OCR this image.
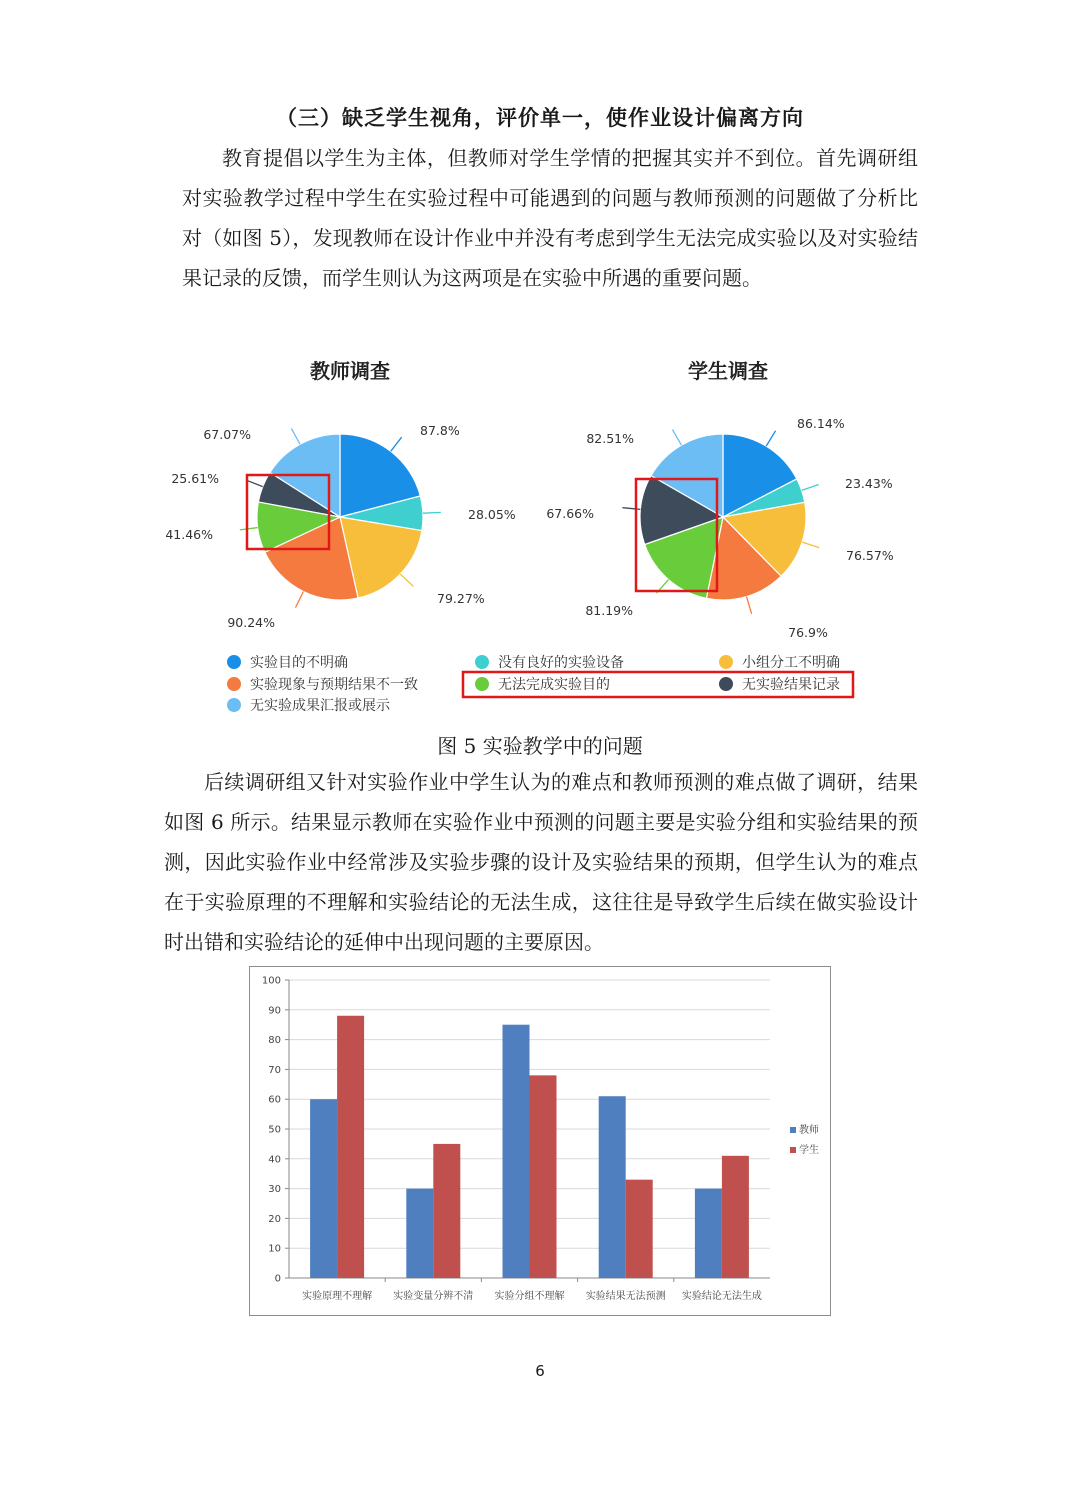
（三）缺乏学生视角，评价单一，使作业设计偏离方向

教育提倡以学生为主体，但教师对学生学情的把握其实并不到位。首先调研组对实验教学过程中学生在实验过程中可能遇到的问题与教师预测的问题做了分析比对（如图 5），发现教师在设计作业中并没有考虑到学生无法完成实验以及对实验结果记录的反馈，而学生则认为这两项是在实验中所遇的重要问题。

教师调查	学生调查
87.8%
28.05%
79.27%
90.24%
41.46%
25.61%
67.07%
86.14%
23.43%
76.57%
76.9%
81.19%
67.66%
82.51%
实验目的不明确	没有良好的实验设备	小组分工不明确
实验现象与预期结果不一致	无法完成实验目的	无实验结果记录
无实验成果汇报或展示
图 5 实验教学中的问题

后续调研组又针对实验作业中学生认为的难点和教师预测的难点做了调研，结果如图 6 所示。结果显示教师在实验作业中预测的问题主要是实验分组和实验结果的预测，因此实验作业中经常涉及实验步骤的设计及实验结果的预期，但学生认为的难点在于实验原理的不理解和实验结论的无法生成，这往往是导致学生后续在做实验设计时出错和实验结论的延伸中出现问题的主要原因。

0
10
20
30
40
50
60
70
80
90
100
实验原理不理解 实验变量分辨不清 实验分组不理解 实验结果无法预测 实验结论无法生成
教师
学生
6
